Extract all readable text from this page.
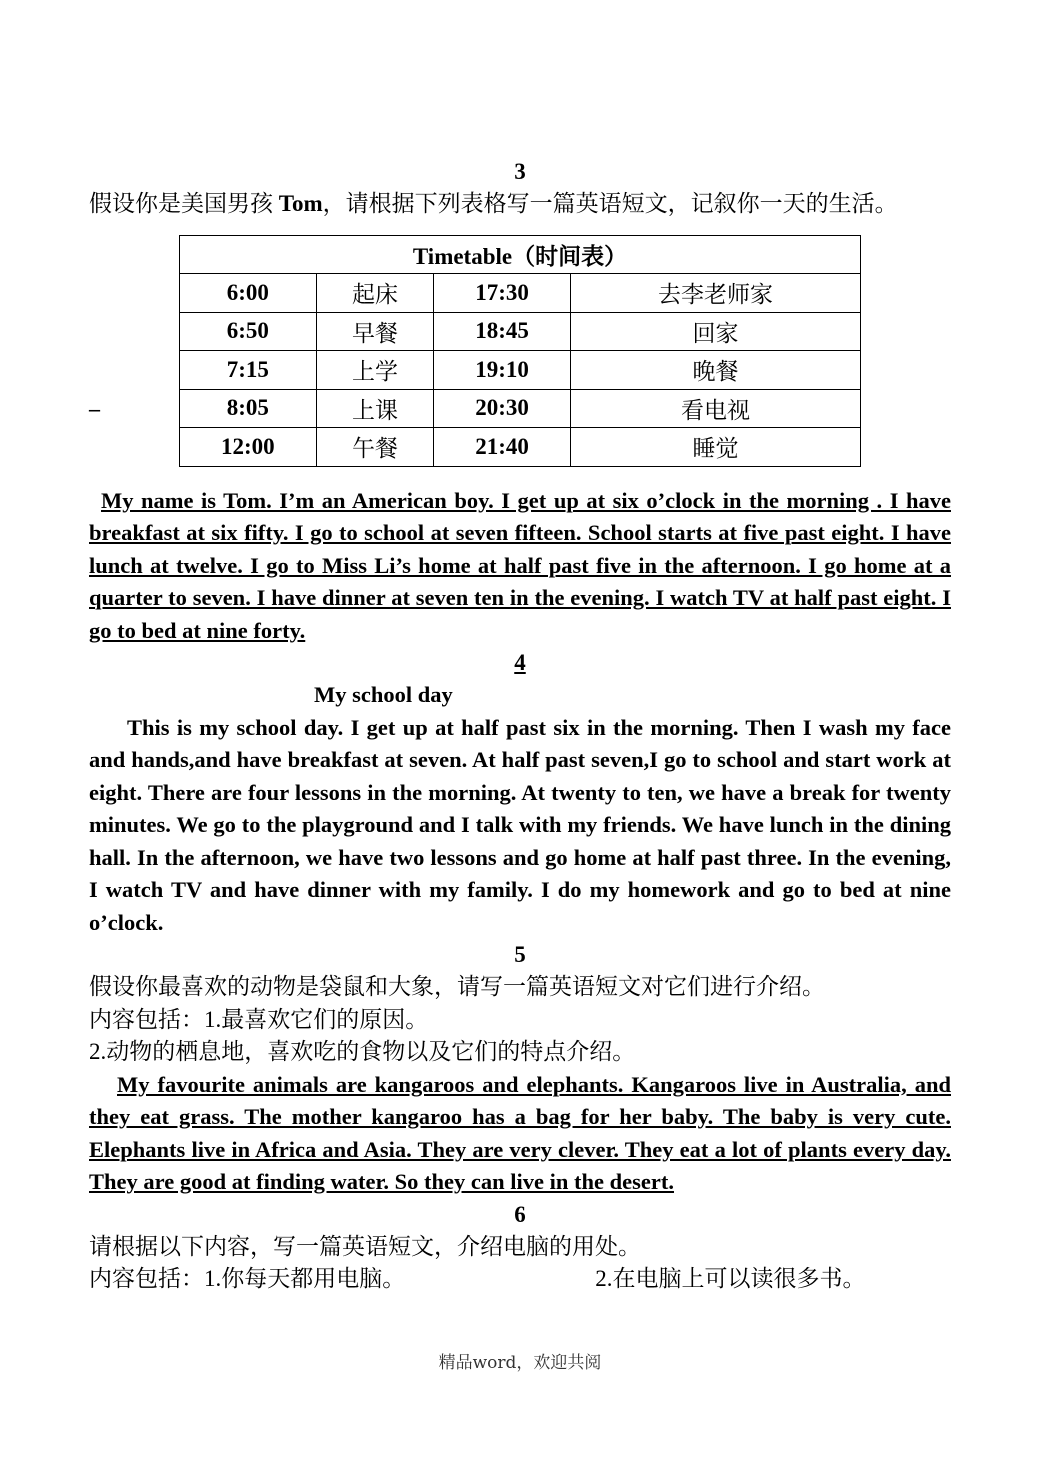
3
假设你是美国男孩 Tom，请根据下列表格写一篇英语短文，记叙你一天的生活。
–
Timetable（时间表）			
6:00	起床	17:30	去李老师家
6:50	早餐	18:45	回家
7:15	上学	19:10	晚餐
8:05	上课	20:30	看电视
12:00	午餐	21:40	睡觉
My name is Tom. I’m an American boy. I get up at six o’clock in the morning . I have breakfast at six fifty. I go to school at seven fifteen. School starts at five past eight. I have lunch at twelve. I go to Miss Li’s home at half past five in the afternoon. I go home at a quarter to seven. I have dinner at seven ten in the evening. I watch TV at half past eight. I go to bed at nine forty.
4
My school day
This is my school day. I get up at half past six in the morning. Then I wash my face and hands,and have breakfast at seven. At half past seven,I go to school and start work at eight. There are four lessons in the morning. At twenty to ten, we have a break for twenty minutes. We go to the playground and I talk with my friends. We have lunch in the dining hall. In the afternoon, we have two lessons and go home at half past three. In the evening, I watch TV and have dinner with my family. I do my homework and go to bed at nine o’clock.
5
假设你最喜欢的动物是袋鼠和大象，请写一篇英语短文对它们进行介绍。
内容包括：1.最喜欢它们的原因。
2.动物的栖息地，喜欢吃的食物以及它们的特点介绍。
My favourite animals are kangaroos and elephants. Kangaroos live in Australia, and they eat grass. The mother kangaroo has a bag for her baby. The baby is very cute. Elephants live in Africa and Asia. They are very clever. They eat a lot of plants every day. They are good at finding water. So they can live in the desert.
6
请根据以下内容，写一篇英语短文，介绍电脑的用处。
内容包括：1.你每天都用电脑。	2.在电脑上可以读很多书。
精品word，欢迎共阅
